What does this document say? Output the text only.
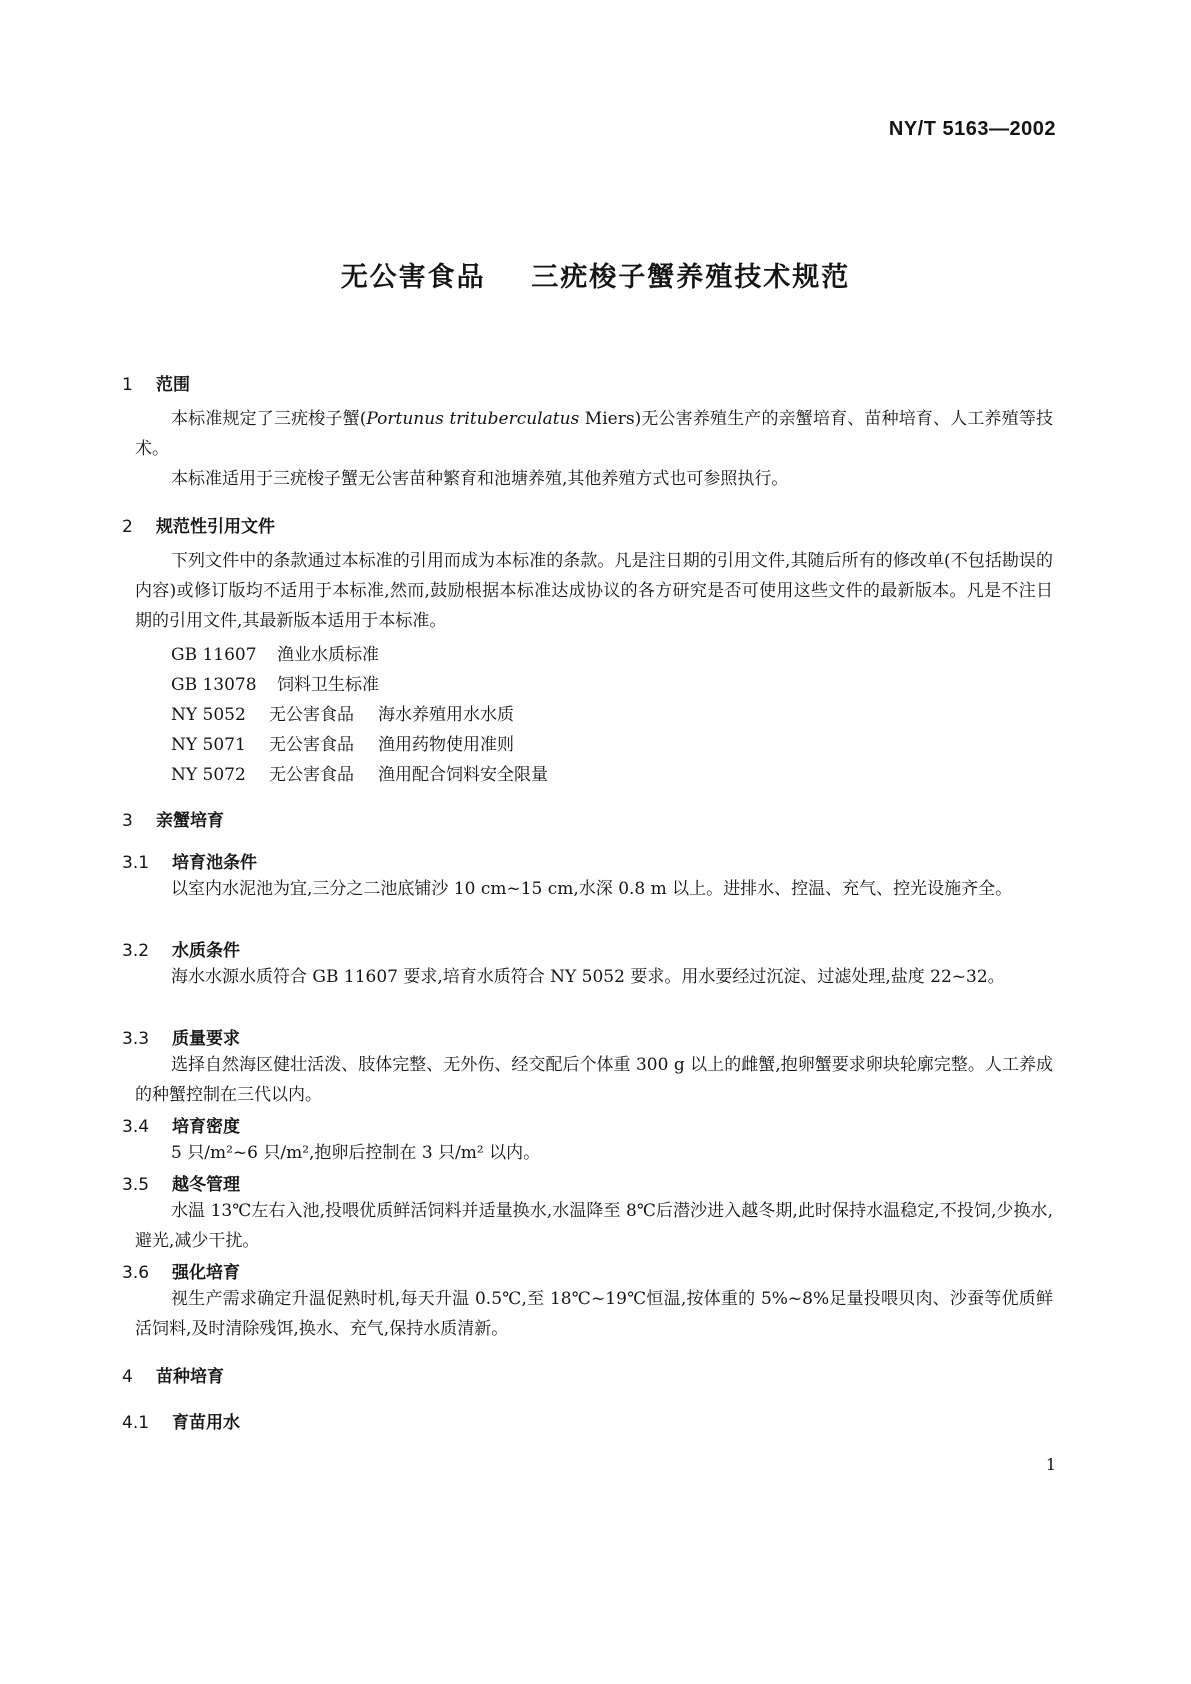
NY/T 5163—2002
无公害食品    三疣梭子蟹养殖技术规范
1 范围
本标准规定了三疣梭子蟹(Portunus trituberculatus Miers)无公害养殖生产的亲蟹培育、苗种培育、人工养殖等技术。
本标准适用于三疣梭子蟹无公害苗种繁育和池塘养殖,其他养殖方式也可参照执行。
2 规范性引用文件
下列文件中的条款通过本标准的引用而成为本标准的条款。凡是注日期的引用文件,其随后所有的修改单(不包括勘误的内容)或修订版均不适用于本标准,然而,鼓励根据本标准达成协议的各方研究是否可使用这些文件的最新版本。凡是不注日期的引用文件,其最新版本适用于本标准。
GB 11607 渔业水质标准
GB 13078 饲料卫生标准
NY 5052 无公害食品 海水养殖用水水质
NY 5071 无公害食品 渔用药物使用准则
NY 5072 无公害食品 渔用配合饲料安全限量
3 亲蟹培育
3.1 培育池条件
以室内水泥池为宜,三分之二池底铺沙 10 cm~15 cm,水深 0.8 m 以上。进排水、控温、充气、控光设施齐全。
3.2 水质条件
海水水源水质符合 GB 11607 要求,培育水质符合 NY 5052 要求。用水要经过沉淀、过滤处理,盐度 22~32。
3.3 质量要求
选择自然海区健壮活泼、肢体完整、无外伤、经交配后个体重 300 g 以上的雌蟹,抱卵蟹要求卵块轮廓完整。人工养成的种蟹控制在三代以内。
3.4 培育密度
5 只/m²~6 只/m²,抱卵后控制在 3 只/m² 以内。
3.5 越冬管理
水温 13℃左右入池,投喂优质鲜活饲料并适量换水,水温降至 8℃后潜沙进入越冬期,此时保持水温稳定,不投饲,少换水,避光,减少干扰。
3.6 强化培育
视生产需求确定升温促熟时机,每天升温 0.5℃,至 18℃~19℃恒温,按体重的 5%~8%足量投喂贝肉、沙蚕等优质鲜活饲料,及时清除残饵,换水、充气,保持水质清新。
4 苗种培育
4.1 育苗用水
1
